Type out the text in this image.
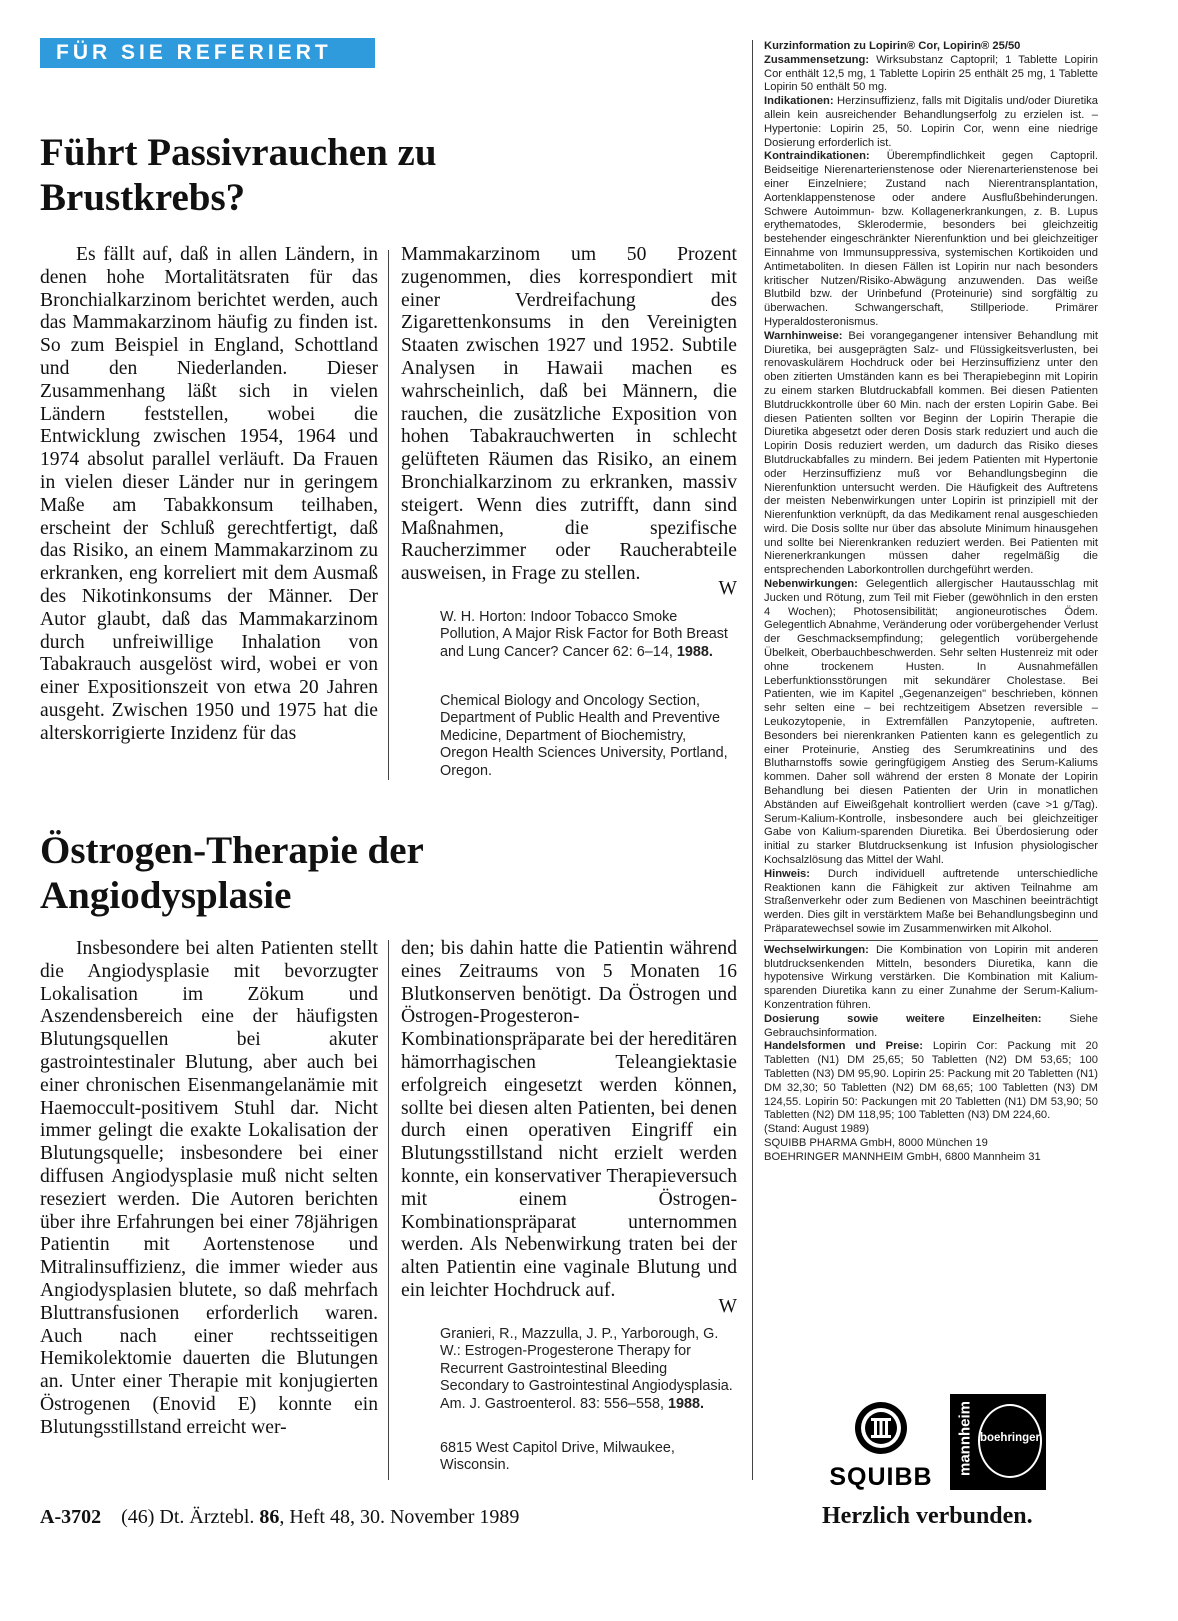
FÜR SIE REFERIERT
Führt Passivrauchen zu Brustkrebs?

Es fällt auf, daß in allen Ländern, in denen hohe Mortalitätsraten für das Bronchialkarzinom berichtet werden, auch das Mammakarzinom häufig zu finden ist. So zum Beispiel in England, Schottland und den Niederlanden. Dieser Zusammenhang läßt sich in vielen Ländern feststellen, wobei die Entwicklung zwischen 1954, 1964 und 1974 absolut parallel verläuft. Da Frauen in vielen dieser Länder nur in geringem Maße am Tabakkonsum teilhaben, erscheint der Schluß gerechtfertigt, daß das Risiko, an einem Mammakarzinom zu erkranken, eng korreliert mit dem Ausmaß des Nikotinkonsums der Männer. Der Autor glaubt, daß das Mammakarzinom durch unfreiwillige Inhalation von Tabakrauch ausgelöst wird, wobei er von einer Expositionszeit von etwa 20 Jahren ausgeht. Zwischen 1950 und 1975 hat die alterskorrigierte Inzidenz für das

Mammakarzinom um 50 Prozent zugenommen, dies korrespondiert mit einer Verdreifachung des Zigarettenkonsums in den Vereinigten Staaten zwischen 1927 und 1952. Subtile Analysen in Hawaii machen es wahrscheinlich, daß bei Männern, die rauchen, die zusätzliche Exposition von hohen Tabakrauchwerten in schlecht gelüfteten Räumen das Risiko, an einem Bronchialkarzinom zu erkranken, massiv steigert. Wenn dies zutrifft, dann sind Maßnahmen, die spezifische Raucherzimmer oder Raucherabteile ausweisen, in Frage zu stellen.

W

W. H. Horton: Indoor Tobacco Smoke Pollution, A Major Risk Factor for Both Breast and Lung Cancer? Cancer 62: 6–14, 1988.

Chemical Biology and Oncology Section, Department of Public Health and Preventive Medicine, Department of Biochemistry, Oregon Health Sciences University, Portland, Oregon.

Östrogen-Therapie der Angiodysplasie

Insbesondere bei alten Patienten stellt die Angiodysplasie mit bevorzugter Lokalisation im Zökum und Aszendensbereich eine der häufigsten Blutungsquellen bei akuter gastrointestinaler Blutung, aber auch bei einer chronischen Eisenmangelanämie mit Haemoccult-positivem Stuhl dar. Nicht immer gelingt die exakte Lokalisation der Blutungsquelle; insbesondere bei einer diffusen Angiodysplasie muß nicht selten reseziert werden. Die Autoren berichten über ihre Erfahrungen bei einer 78jährigen Patientin mit Aortenstenose und Mitralinsuffizienz, die immer wieder aus Angiodysplasien blutete, so daß mehrfach Bluttransfusionen erforderlich waren. Auch nach einer rechtsseitigen Hemikolektomie dauerten die Blutungen an. Unter einer Therapie mit konjugierten Östrogenen (Enovid E) konnte ein Blutungsstillstand erreicht wer-

den; bis dahin hatte die Patientin während eines Zeitraums von 5 Monaten 16 Blutkonserven benötigt. Da Östrogen und Östrogen-Progesteron-Kombinationspräparate bei der hereditären hämorrhagischen Teleangiektasie erfolgreich eingesetzt werden können, sollte bei diesen alten Patienten, bei denen durch einen operativen Eingriff ein Blutungsstillstand nicht erzielt werden konnte, ein konservativer Therapieversuch mit einem Östrogen-Kombinationspräparat unternommen werden. Als Nebenwirkung traten bei der alten Patientin eine vaginale Blutung und ein leichter Hochdruck auf.

W

Granieri, R., Mazzulla, J. P., Yarborough, G. W.: Estrogen-Progesterone Therapy for Recurrent Gastrointestinal Bleeding Secondary to Gastrointestinal Angiodysplasia. Am. J. Gastroenterol. 83: 556–558, 1988.

6815 West Capitol Drive, Milwaukee, Wisconsin.

Kurzinformation zu Lopirin® Cor, Lopirin® 25/50

Zusammensetzung: Wirksubstanz Captopril; 1 Tablette Lopirin Cor enthält 12,5 mg, 1 Tablette Lopirin 25 enthält 25 mg, 1 Tablette Lopirin 50 enthält 50 mg.

Indikationen: Herzinsuffizienz, falls mit Digitalis und/oder Diuretika allein kein ausreichender Behandlungserfolg zu erzielen ist. – Hypertonie: Lopirin 25, 50. Lopirin Cor, wenn eine niedrige Dosierung erforderlich ist.

Kontraindikationen: Überempfindlichkeit gegen Captopril. Beidseitige Nierenarterienstenose oder Nierenarterienstenose bei einer Einzelniere; Zustand nach Nierentransplantation, Aortenklappenstenose oder andere Ausflußbehinderungen. Schwere Autoimmun- bzw. Kollagenerkrankungen, z. B. Lupus erythematodes, Sklerodermie, besonders bei gleichzeitig bestehender eingeschränkter Nierenfunktion und bei gleichzeitiger Einnahme von Immunsuppressiva, systemischen Kortikoiden und Antimetaboliten. In diesen Fällen ist Lopirin nur nach besonders kritischer Nutzen/Risiko-Abwägung anzuwenden. Das weiße Blutbild bzw. der Urinbefund (Proteinurie) sind sorgfältig zu überwachen. Schwangerschaft, Stillperiode. Primärer Hyperaldosteronismus.

Warnhinweise: Bei vorangegangener intensiver Behandlung mit Diuretika, bei ausgeprägten Salz- und Flüssigkeitsverlusten, bei renovaskulärem Hochdruck oder bei Herzinsuffizienz unter den oben zitierten Umständen kann es bei Therapiebeginn mit Lopirin zu einem starken Blutdruckabfall kommen. Bei diesen Patienten Blutdruckkontrolle über 60 Min. nach der ersten Lopirin Gabe. Bei diesen Patienten sollten vor Beginn der Lopirin Therapie die Diuretika abgesetzt oder deren Dosis stark reduziert und auch die Lopirin Dosis reduziert werden, um dadurch das Risiko dieses Blutdruckabfalles zu mindern. Bei jedem Patienten mit Hypertonie oder Herzinsuffizienz muß vor Behandlungsbeginn die Nierenfunktion untersucht werden. Die Häufigkeit des Auftretens der meisten Nebenwirkungen unter Lopirin ist prinzipiell mit der Nierenfunktion verknüpft, da das Medikament renal ausgeschieden wird. Die Dosis sollte nur über das absolute Minimum hinausgehen und sollte bei Nierenkranken reduziert werden. Bei Patienten mit Nierenerkrankungen müssen daher regelmäßig die entsprechenden Laborkontrollen durchgeführt werden.

Nebenwirkungen: Gelegentlich allergischer Hautausschlag mit Jucken und Rötung, zum Teil mit Fieber (gewöhnlich in den ersten 4 Wochen); Photosensibilität; angioneurotisches Ödem. Gelegentlich Abnahme, Veränderung oder vorübergehender Verlust der Geschmacksempfindung; gelegentlich vorübergehende Übelkeit, Oberbauchbeschwerden. Sehr selten Hustenreiz mit oder ohne trockenem Husten. In Ausnahmefällen Leberfunktionsstörungen mit sekundärer Cholestase. Bei Patienten, wie im Kapitel „Gegenanzeigen" beschrieben, können sehr selten eine – bei rechtzeitigem Absetzen reversible – Leukozytopenie, in Extremfällen Panzytopenie, auftreten. Besonders bei nierenkranken Patienten kann es gelegentlich zu einer Proteinurie, Anstieg des Serumkreatinins und des Blutharnstoffs sowie geringfügigem Anstieg des Serum-Kaliums kommen. Daher soll während der ersten 8 Monate der Lopirin Behandlung bei diesen Patienten der Urin in monatlichen Abständen auf Eiweißgehalt kontrolliert werden (cave >1 g/Tag). Serum-Kalium-Kontrolle, insbesondere auch bei gleichzeitiger Gabe von Kalium-sparenden Diuretika. Bei Überdosierung oder initial zu starker Blutdrucksenkung ist Infusion physiologischer Kochsalzlösung das Mittel der Wahl.

Hinweis: Durch individuell auftretende unterschiedliche Reaktionen kann die Fähigkeit zur aktiven Teilnahme am Straßenverkehr oder zum Bedienen von Maschinen beeinträchtigt werden. Dies gilt in verstärktem Maße bei Behandlungsbeginn und Präparatewechsel sowie im Zusammenwirken mit Alkohol.

Wechselwirkungen: Die Kombination von Lopirin mit anderen blutdrucksenkenden Mitteln, besonders Diuretika, kann die hypotensive Wirkung verstärken. Die Kombination mit Kalium-sparenden Diuretika kann zu einer Zunahme der Serum-Kalium-Konzentration führen.

Dosierung sowie weitere Einzelheiten: Siehe Gebrauchsinformation.

Handelsformen und Preise: Lopirin Cor: Packung mit 20 Tabletten (N1) DM 25,65; 50 Tabletten (N2) DM 53,65; 100 Tabletten (N3) DM 95,90. Lopirin 25: Packung mit 20 Tabletten (N1) DM 32,30; 50 Tabletten (N2) DM 68,65; 100 Tabletten (N3) DM 124,55. Lopirin 50: Packungen mit 20 Tabletten (N1) DM 53,90; 50 Tabletten (N2) DM 118,95; 100 Tabletten (N3) DM 224,60.

(Stand: August 1989)

SQUIBB PHARMA GmbH, 8000 München 19

BOEHRINGER MANNHEIM GmbH, 6800 Mannheim 31

SQUIBB
mannheim boehringer
Herzlich verbunden.
A-3702 (46) Dt. Ärztebl. 86, Heft 48, 30. November 1989
